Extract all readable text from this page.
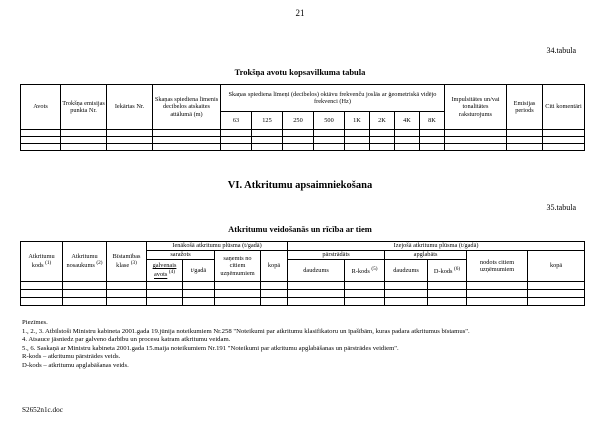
21
34.tabula
Trokšņa avotu kopsavilkuma tabula
Avots	Trokšņa emisijas punkta Nr.	Iekārtas Nr.	Skaņas spiediena līmenis decibelos atskaites attālumā (m)	Skaņas spiediena līmeņi (decibelos) oktāvu frekvenču joslās ar ģeometriskā vidējo frekvenci (Hz)								Impulsitātes un/vai tonalitātes raksturojums	Emisijas periods	Citi komentāri
				63	125	250	500	1K	2K	4K	8K			

VI. Atkritumu apsaimniekošana
35.tabula
Atkritumu veidošanās un rīcība ar tiem
Atkritumu kods $^{(1)}$	Atkritumu nosaukums $^{(2)}$	Bīstamības klase $^{(3)}$	Ienākošā atkritumu plūsma (t/gadā)				Izejošā atkritumu plūsma (t/gadā)					
			saražots		saņemts no citiem uzņēmumiem	kopā	pārstrādāts		apglabāts		nodots citiem uzņēmumiem	kopā
			galvenais avots $^{(4)}$	t/gadā			daudzums	R-kods $^{(5)}$	daudzums	D-kods $^{(6)}$

Piezīmes.
1., 2., 3. Atbilstoši Ministru kabineta 2001.gada 19.jūnija noteikumiem Nr.258 "Noteikumi par atkritumu klasifikatoru un īpašībām, kuras padara atkritumus bīstamus".
4. Atsauce jāsniedz par galveno darbību un procesu katram atkritumu veidam.
5., 6. Saskaņā ar Ministru kabineta 2001.gada 15.maija noteikumiem Nr.191 "Noteikumi par atkritumu apglabāšanas un pārstrādes veidiem".
R-kods – atkritumu pārstrādes veids.
D-kods – atkritumu apglabāšanas veids.
S2652n1c.doc
